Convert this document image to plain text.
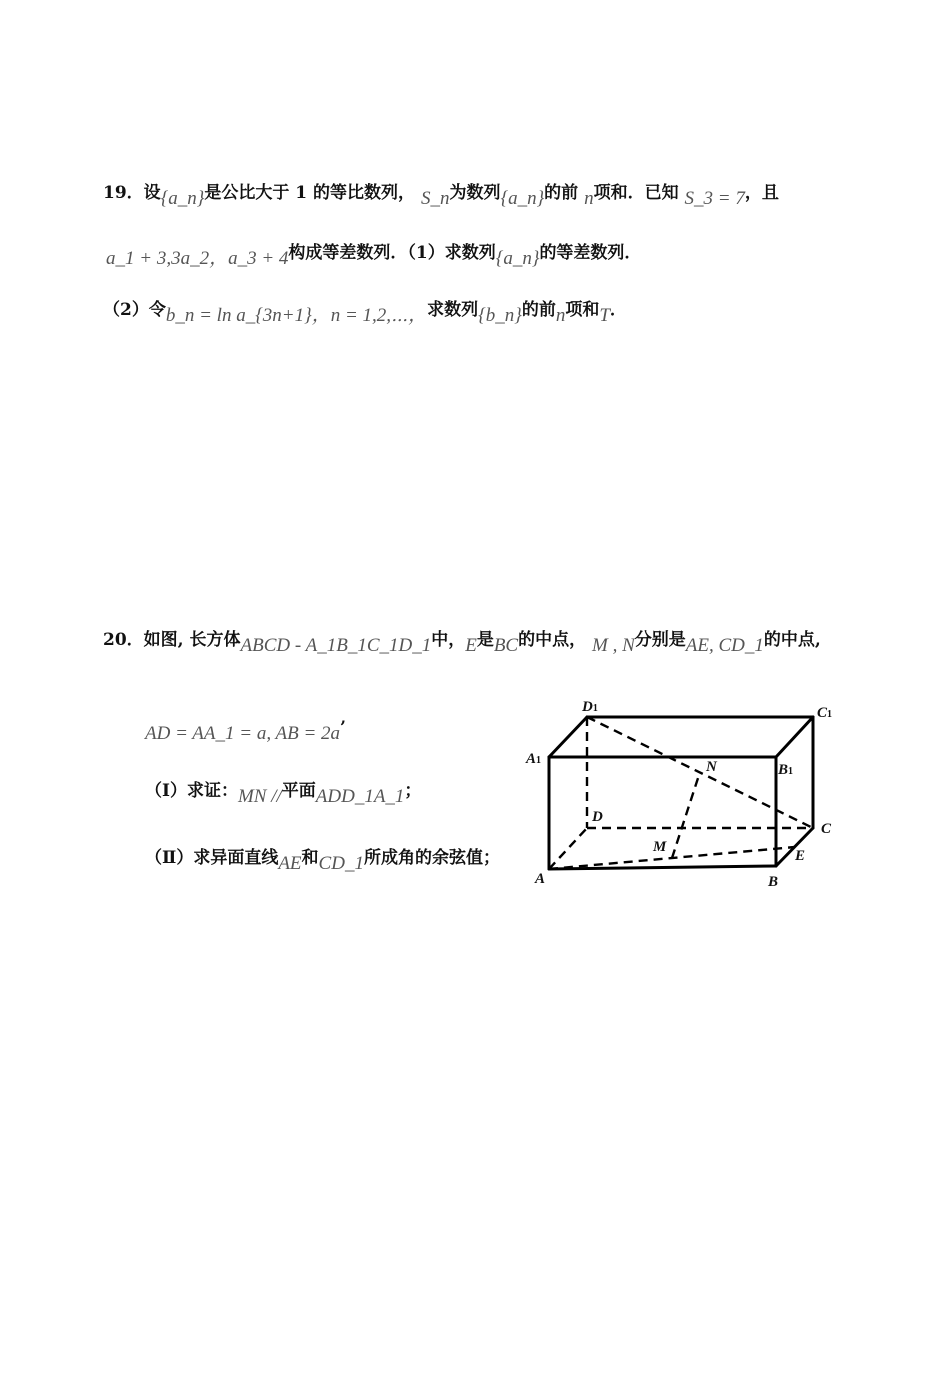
19．设{a_n}是公比大于 1 的等比数列， S_n为数列{a_n}的前 n项和．已知 S_3 = 7，且
a_1 + 3,3a_2，a_3 + 4构成等差数列．（1）求数列{a_n}的等差数列．
（2）令b_n = ln a_{3n+1}，n = 1,2,⋯，求数列{b_n}的前n项和T．
20．如图, 长方体ABCD - A_1B_1C_1D_1中，E是BC的中点， M , N分别是AE, CD_1的中点,
AD = AA_1 = a, AB = 2a’
（Ⅰ）求证：MN //平面ADD_1A_1；
（Ⅱ）求异面直线AE和CD_1所成角的余弦值；
D1	C1
A1
B1
N
D
C
M
E
A	B
